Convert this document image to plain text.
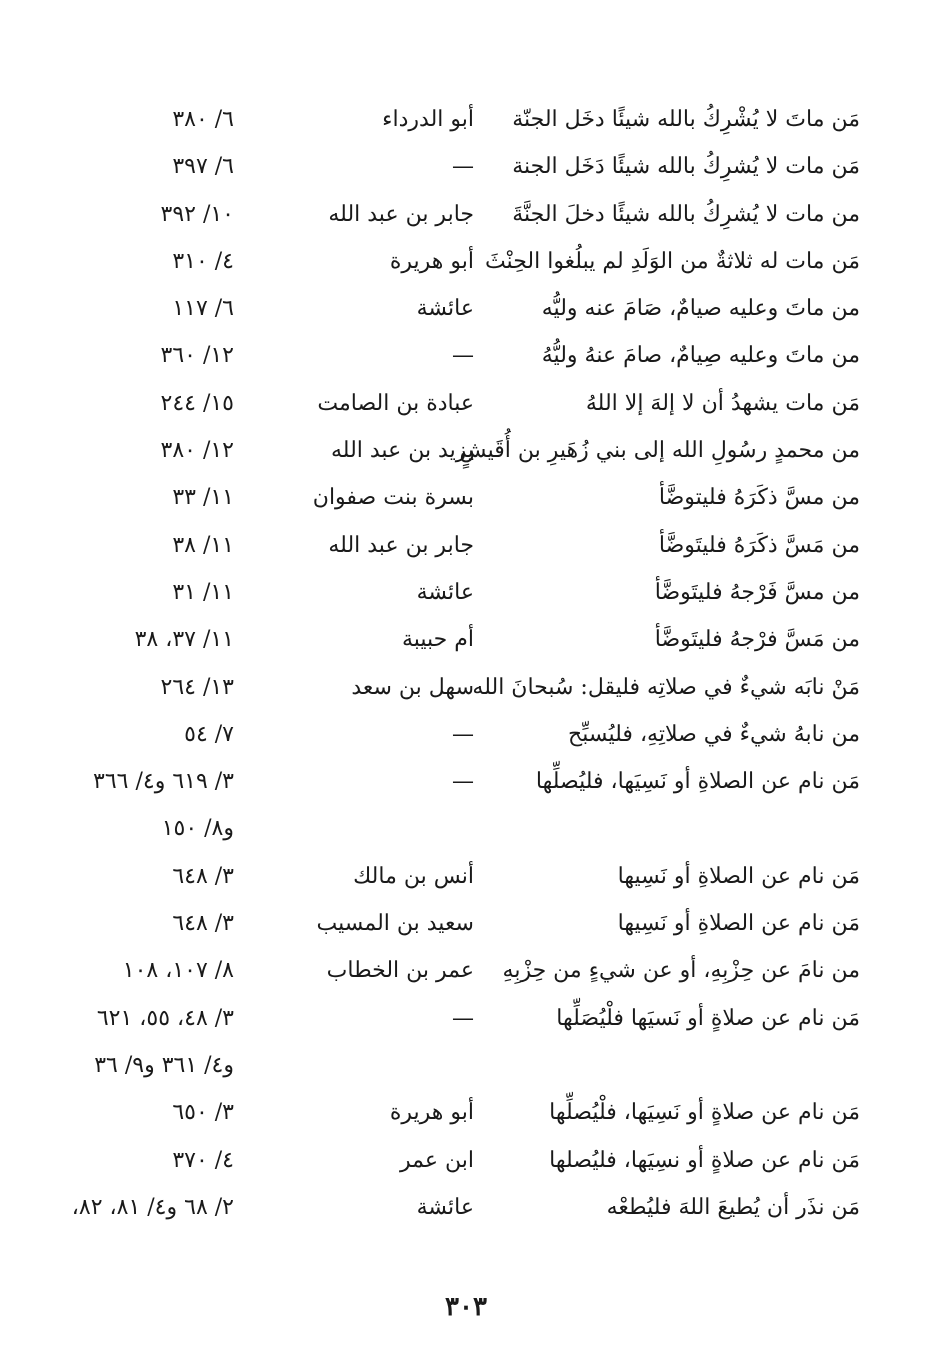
مَن ماتَ لا يُشْرِكُ بالله شيئًا دخَل الجنّة
أبو الدرداء
٦/ ٣٨٠
مَن مات لا يُشرِكُ بالله شيئًا دَخَل الجنة
—
٦/ ٣٩٧
من مات لا يُشرِكُ بالله شيئًا دخلَ الجنَّةَ
جابر بن عبد الله
١٠/ ٣٩٢
مَن مات له ثلاثةٌ من الوَلَدِ لم يبلُغوا الحِنْثَ
أبو هريرة
٤/ ٣١٠
من ماتَ وعليه صيامٌ، صَامَ عنه وليُّه
عائشة
٦/ ١١٧
من ماتَ وعليه صِيامٌ، صامَ عنهُ وليُّهُ
—
١٢/ ٣٦٠
مَن مات يشهدُ أن لا إلهَ إلا اللهُ
عبادة بن الصامت
١٥/ ٢٤٤
من محمدٍ رسُولِ الله إلى بني زُهَيرِ بن أُقَيشٍ
يزيد بن عبد الله
١٢/ ٣٨٠
من مسَّ ذكَرَهُ فليتوضَّأ
بسرة بنت صفوان
١١/ ٣٣
من مَسَّ ذكَرَهُ فليتَوضَّأ
جابر بن عبد الله
١١/ ٣٨
من مسَّ فَرْجهُ فليتَوضَّأ
عائشة
١١/ ٣١
من مَسَّ فرْجهُ فليتَوضَّأ
أم حبيبة
١١/ ٣٧، ٣٨
مَنْ نابَه شيءٌ في صلاتِه فليقل: سُبحانَ الله
سهل بن سعد
١٣/ ٢٦٤
من نابهُ شيءٌ في صلاتِهِ، فليُسبِّح
—
٧/ ٥٤
مَن نام عن الصلاةِ أو نَسِيَها، فليُصلِّها
—
٣/ ٦١٩ و٤/ ٣٦٦
و٨/ ١٥٠
مَن نام عن الصلاةِ أو نَسِيها
أنس بن مالك
٣/ ٦٤٨
مَن نام عن الصلاةِ أو نَسِيها
سعيد بن المسيب
٣/ ٦٤٨
من نامَ عن حِزْبِهِ، أو عن شيءٍ من حِزْبِهِ
عمر بن الخطاب
٨/ ١٠٧، ١٠٨
مَن نام عن صلاةٍ أو نَسيَها فلْيُصَلِّها
—
٣/ ٤٨، ٥٥، ٦٢١
و٤/ ٣٦١ و٩/ ٣٦
مَن نام عن صلاةٍ أو نَسِيَها، فلْيُصلِّها
أبو هريرة
٣/ ٦٥٠
مَن نام عن صلاةٍ أو نسِيَها، فليُصلها
ابن عمر
٤/ ٣٧٠
مَن نذَر أن يُطيعَ اللهَ فليُطعْه
عائشة
٢/ ٦٨ و٤/ ٨١، ٨٢،
٣٠٣
